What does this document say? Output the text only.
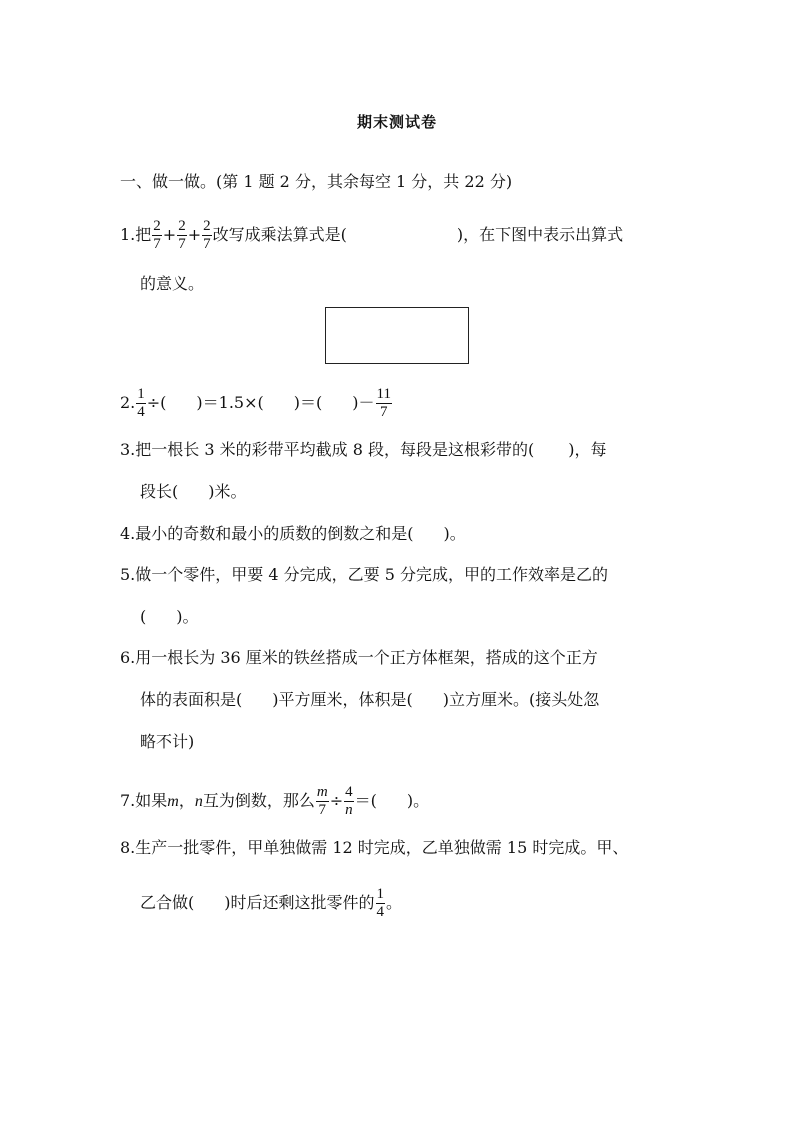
期末测试卷
一、做一做。(第 1 题 2 分，其余每空 1 分，共 22 分)
1.把 $\frac{2}{7} + \frac{2}{7} + \frac{2}{7}$ 改写成乘法算式是(	)，在下图中表示出算式
的意义。
2. $\frac{1}{4}$ ÷( )＝1.5×( )＝( )－ $\frac{11}{7}$
3.把一根长 3 米的彩带平均截成 8 段，每段是这根彩带的( )，每
段长( )米。
4.最小的奇数和最小的质数的倒数之和是( )。
5.做一个零件，甲要 4 分完成，乙要 5 分完成，甲的工作效率是乙的
( )。
6.用一根长为 36 厘米的铁丝搭成一个正方体框架，搭成的这个正方
体的表面积是( )平方厘米，体积是( )立方厘米。(接头处忽
略不计)
7.如果m，n互为倒数，那么 $\frac{m}{7} \div \frac{4}{n}$ ＝( )。
8.生产一批零件，甲单独做需 12 时完成，乙单独做需 15 时完成。甲、
乙合做( )时后还剩这批零件的 $\frac{1}{4}$ 。
